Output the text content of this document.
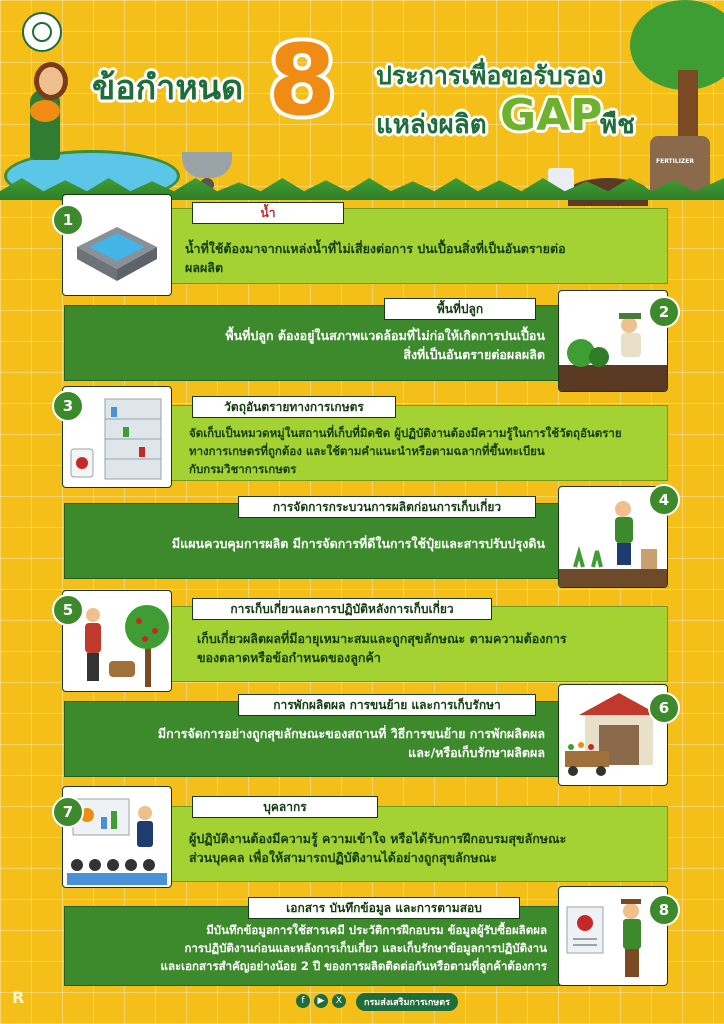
FERTILIZER
ข้อกำหนด 8 ประการเพื่อขอรับรอง
แหล่งผลิต GAP
พืช
น้ำที่ใช้ต้องมาจากแหล่งน้ำที่ไม่เสี่ยงต่อการ ปนเปื้อนสิ่งที่เป็นอันตรายต่อ
ผลผลิต
น้ำ
1
พื้นที่ปลูก ต้องอยู่ในสภาพแวดล้อมที่ไม่ก่อให้เกิดการปนเปื้อน
สิ่งที่เป็นอันตรายต่อผลผลิต
พื้นที่ปลูก	2
จัดเก็บเป็นหมวดหมู่ในสถานที่เก็บที่มิดชิด ผู้ปฏิบัติงานต้องมีความรู้ในการใช้วัตถุอันตราย
ทางการเกษตรที่ถูกต้อง และใช้ตามคำแนะนำหรือตามฉลากที่ขึ้นทะเบียน
กับกรมวิชาการเกษตร
วัตถุอันตรายทางการเกษตร
3
มีแผนควบคุมการผลิต มีการจัดการที่ดีในการใช้ปุ๋ยและสารปรับปรุงดิน
การจัดการกระบวนการผลิตก่อนการเก็บเกี่ยว	4
เก็บเกี่ยวผลิตผลที่มีอายุเหมาะสมและถูกสุขลักษณะ ตามความต้องการ
ของตลาดหรือข้อกำหนดของลูกค้า
การเก็บเกี่ยวและการปฏิบัติหลังการเก็บเกี่ยว
5
มีการจัดการอย่างถูกสุขลักษณะของสถานที่ วิธีการขนย้าย การพักผลิตผล
และ/หรือเก็บรักษาผลิตผล
การพักผลิตผล การขนย้าย และการเก็บรักษา	6
ผู้ปฏิบัติงานต้องมีความรู้ ความเข้าใจ หรือได้รับการฝึกอบรมสุขลักษณะ
ส่วนบุคคล เพื่อให้สามารถปฏิบัติงานได้อย่างถูกสุขลักษณะ
บุคลากร
7
มีบันทึกข้อมูลการใช้สารเคมี ประวัติการฝึกอบรม ข้อมูลผู้รับซื้อผลิตผล
การปฏิบัติงานก่อนและหลังการเก็บเกี่ยว และเก็บรักษาข้อมูลการปฏิบัติงาน
และเอกสารสำคัญอย่างน้อย 2 ปี ของการผลิตติดต่อกันหรือตามที่ลูกค้าต้องการ
เอกสาร บันทึกข้อมูล และการตามสอบ	8
R	f	▶	X	กรมส่งเสริมการเกษตร
